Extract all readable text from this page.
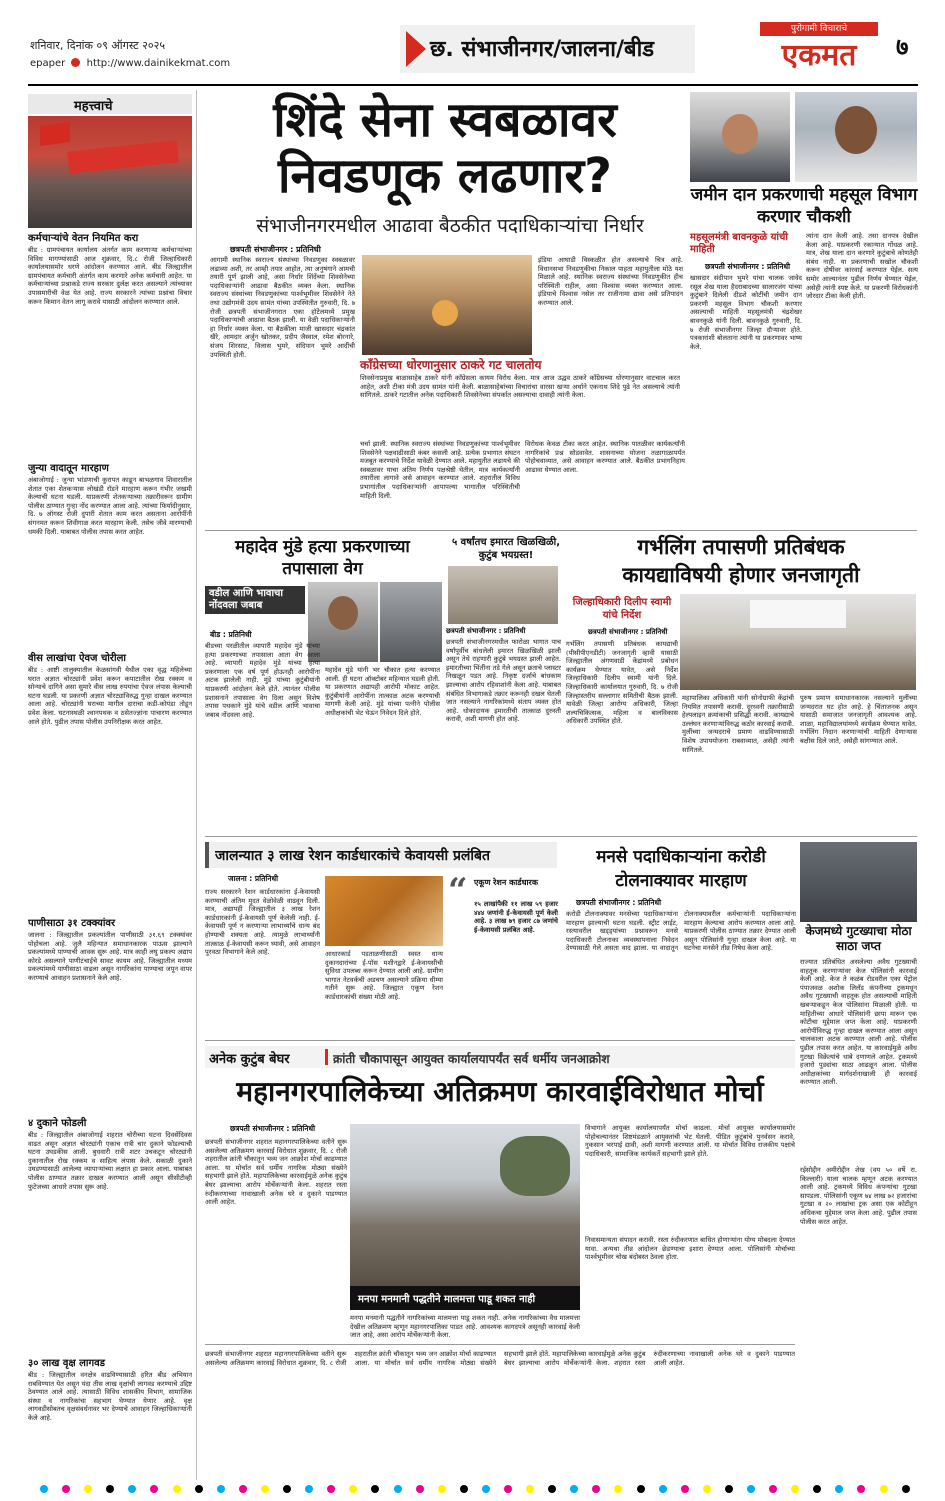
शनिवार, दिनांक ०९ ऑगस्ट २०२५
epaper http://www.dainikekmat.com
छ. संभाजीनगर/जालना/बीड
पुरोगामी विचाराचे
एकमत	७
महत्त्वाचे
कर्मचाऱ्यांचे वेतन नियमित करा
बीड : ग्रामपंचायत कार्यालय अंतर्गत काम करणाऱ्या कर्मचाऱ्यांच्या विविध मागण्यांसाठी आज शुक्रवार, दि.८ रोजी जिल्हाधिकारी कार्यालयासमोर धरणे आंदोलन करण्यात आले. बीड जिल्ह्यातील ग्रामपंचायत कर्मचारी अंतर्गत काम करणारे अनेक कर्मचारी आहेत. या कर्मचाऱ्यांच्या प्रश्नाकडे राज्य सरकार दुर्लक्ष करत असल्याने त्यांच्यावर उपासमारीची वेळ येत आहे. राज्य सरकारने त्यांच्या प्रश्नांचा विचार करून किमान वेतन लागू करावे यासाठी आंदोलन करण्यात आले.
जुन्या वादातून मारहाण
अंबाजोगाई : जुन्या भांडणाची कुरापत काढून बाभळगाव शिवारातील शेतात एका शेतकऱ्यास लोखंडी रॉडने मारहाण करून गंभीर जखमी केल्याची घटना घडली. याप्रकरणी शेतकऱ्याच्या तक्रारीवरून ग्रामीण पोलीस ठाण्यात गुन्हा नोंद करण्यात आला आहे. त्यांच्या फिर्यादीनुसार, दि. ७ ऑगस्ट रोजी दुपारी शेतात काम करत असताना आरोपींनी संगनमत करून शिवीगाळ करत मारहाण केली. तसेच जीवे मारण्याची धमकी दिली. याबाबत पोलीस तपास करत आहेत.
वीस लाखांचा ऐवज चोरीला
बीड : आष्टी तालुक्यातील केळसांगवी येथील एका वृद्ध महिलेच्या घरात अज्ञात चोरट्यांनी प्रवेश करून कपाटातील रोख रक्कम व सोन्याचे दागिने असा सुमारे वीस लाख रुपयांचा ऐवज लंपास केल्याची घटना घडली. या प्रकरणी अज्ञात चोरट्यांविरुद्ध गुन्हा दाखल करण्यात आला आहे. चोरट्यांनी घराच्या मागील दाराचा कडी-कोयंडा तोडून प्रवेश केला. घटनास्थळी श्वानपथक व ठसेतज्ज्ञांना पाचारण करण्यात आले होते. पुढील तपास पोलीस उपनिरीक्षक करत आहेत.
पाणीसाठा ३१ टक्क्यांवर
जालना : जिल्ह्यातील प्रकल्पांतील पाणीसाठी ३१.६९ टक्क्यांवर पोहोचला आहे. जुलै महिन्यात समाधानकारक पाऊस झाल्याने प्रकल्पांमध्ये पाण्याची आवक सुरू आहे. मात्र काही लघु प्रकल्प अद्याप कोरडे असल्याने पाणीटंचाईचे सावट कायम आहे. जिल्ह्यातील मध्यम प्रकल्पांमध्ये पाणीसाठा वाढला असून नागरिकांना पाण्याचा जपून वापर करण्याचे आवाहन प्रशासनाने केले आहे.
४ दुकाने फोडली
बीड : जिल्ह्यातील अंबाजोगाई शहरात चोरीच्या घटना दिवसेंदिवस वाढत असून अज्ञात चोरट्यांनी एकाच रात्री चार दुकाने फोडल्याची घटना उघडकीस आली. बुधवारी रात्री शटर उचकटून चोरट्यांनी दुकानातील रोख रक्कम व साहित्य लंपास केले. सकाळी दुकाने उघडण्यासाठी आलेल्या व्यापाऱ्यांच्या लक्षात हा प्रकार आला. याबाबत पोलीस ठाण्यात तक्रार दाखल करण्यात आली असून सीसीटीव्ही फुटेजच्या आधारे तपास सुरू आहे.
३० लाख वृक्ष लागवड
बीड : जिल्ह्यातील वनक्षेत्र वाढविण्यासाठी हरित बीड अभियान राबविण्यात येत असून यंदा तीस लाख वृक्षांची लागवड करण्याचे उद्दिष्ट ठेवण्यात आले आहे. त्यासाठी विविध शासकीय विभाग, सामाजिक संस्था व नागरिकांचा सहभाग घेण्यात येणार आहे. वृक्ष लागवडीसोबतच वृक्षसंवर्धनावर भर देण्याचे आवाहन जिल्हाधिकाऱ्यांनी केले आहे.
शिंदे सेना स्वबळावर
निवडणूक लढणार?
संभाजीनगरमधील आढावा बैठकीत पदाधिकाऱ्यांचा निर्धार
छत्रपती संभाजीनगर : प्रतिनिधी
आगामी स्थानिक स्वराज्य संस्थांच्या निवडणुका स्वबळावर लढाव्या अशी, तर आम्ही तयार आहोत, त्या अनुषंगाने आमची तयारी पूर्ण झाली आहे, असा निर्धार शिंदेंच्या शिवसेनेच्या पदाधिकाऱ्यांनी आढावा बैठकीत व्यक्त केला. स्थानिक स्वराज्य संस्थांच्या निवडणुकांच्या पार्श्वभूमीवर शिवसेनेने नेते तथा उद्योगमंत्री उदय सामंत यांच्या उपस्थितीत गुरुवारी, दि. ७ रोजी छत्रपती संभाजीनगरात एका हॉटेलमध्ये प्रमुख पदाधिकाऱ्यांची आढावा बैठक झाली. या वेळी पदाधिकाऱ्यांनी हा निर्धार व्यक्त केला. या बैठकीला माजी खासदार चंद्रकांत खैरे, आमदार अर्जुन खोतकर, प्रदीप जैस्वाल, रमेश बोरनारे, संजय शिरसाट, विलास भुमरे, संदिपान भुमरे आदींची उपस्थिती होती.
काँग्रेसच्या धोरणानुसार ठाकरे गट चालतोय
शिवसेनाप्रमुख बाळासाहेब ठाकरे यांनी काँग्रेसला कायम विरोध केला. मात्र आज उद्धव ठाकरे काँग्रेसच्या धोरणानुसार वाटचाल करत आहेत, अशी टीका मंत्री उदय सामंत यांनी केली. बाळासाहेबांच्या विचारांचा वारसा खऱ्या अर्थाने एकनाथ शिंदे पुढे नेत असल्याचे त्यांनी सांगितले. ठाकरे गटातील अनेक पदाधिकारी शिवसेनेच्या संपर्कात असल्याचा दावाही त्यांनी केला.
चर्चा झाली. स्थानिक स्वराज्य संस्थांच्या निवडणुकांच्या पार्श्वभूमीवर शिवसेनेने पक्षवाढीसाठी कंबर कसली आहे. प्रत्येक प्रभागात संघटन मजबूत करण्याचे निर्देश यावेळी देण्यात आले. महायुतीत लढायचे की स्वबळावर याचा अंतिम निर्णय पक्षश्रेष्ठी घेतील, मात्र कार्यकर्त्यांनी तयारीला लागावे असे आवाहन करण्यात आले. शहरातील विविध प्रभागांतील पदाधिकाऱ्यांनी आपापल्या भागातील परिस्थितीची माहिती दिली.
विरोधक केवळ टीका करत आहेत. स्थानिक पातळीवर कार्यकर्त्यांनी नागरिकांचे प्रश्न सोडवावेत. शासनाच्या योजना तळागाळापर्यंत पोहोचवाव्यात, असे आवाहन करण्यात आले. बैठकीत प्रभागनिहाय आढावा घेण्यात आला.
इंडिया आघाडी विस्कळीत होत असल्याचे चित्र आहे. विधानसभा निवडणुकीचा निकाल पाहता महायुतीला मोठे यश मिळाले आहे. स्थानिक स्वराज्य संस्थांच्या निवडणुकीत हीच परिस्थिती राहील, असा विश्वास व्यक्त करण्यात आला. इंडियाचे विश्वास नसेल तर राजीनामा द्यावा असे प्रतिपादन करण्यात आले.
जमीन दान प्रकरणाची महसूल विभाग करणार चौकशी
महसूलमंत्री बावनकुळे यांची माहिती
छत्रपती संभाजीनगर : प्रतिनिधी
खासदार संदीपान भुमरे यांचा चालक जावेद रसूल शेख याला हैदराबादच्या सालारजंग यांच्या कुटुंबाने दिलेली दीडशे कोटींची जमीन दान प्रकरणी महसूल विभाग चौकशी करणार असल्याची माहिती महसूलमंत्री चंद्रशेखर बावनकुळे यांनी दिली. बावनकुळे गुरुवारी, दि. ७ रोजी संभाजीनगर जिल्हा दौऱ्यावर होते. पत्रकारांशी बोलताना त्यांनी या प्रकरणावर भाष्य केले.
त्यांना दान केली आहे. तसा दानपत्र देखील केला आहे. याप्रकरणी रकान्यात गोंधळ आहे. मात्र, शेख याला दान करणारे कुटुंबाचे कोणतेही संबंध नाही. या प्रकरणाची सखोल चौकशी करून दोषींवर कारवाई करण्यात येईल. सत्य समोर आल्यानंतर पुढील निर्णय घेण्यात येईल, असेही त्यांनी स्पष्ट केले. या प्रकरणी विरोधकांनी जोरदार टीका केली होती.
महादेव मुंडे हत्या प्रकरणाच्या तपासाला वेग
वडील आणि भावाचा नोंदवला जबाब
बीड : प्रतिनिधी
बीडच्या परळीतील व्यापारी महादेव मुंडे यांच्या हत्या प्रकरणाच्या तपासाला आता वेग आला आहे. व्यापारी महादेव मुंडे यांच्या हत्या प्रकरणाला एक वर्ष पूर्ण होऊनही आरोपींना अटक झालेली नाही. मुंडे यांच्या कुटुंबीयांनी याप्रकरणी आंदोलन केले होते. त्यानंतर पोलीस प्रशासनाने तपासाला वेग दिला असून विशेष तपास पथकाने मुंडे यांचे वडील आणि भावाचा जबाब नोंदवला आहे.
महादेव मुंडे यांनी भर चौकात हत्या करण्यात आली. ही घटना ऑक्टोबर महिन्यात घडली होती. या प्रकरणात अद्यापही आरोपी मोकाट आहेत. कुटुंबीयांनी आरोपींना तात्काळ अटक करण्याची मागणी केली आहे. मुंडे यांच्या पत्नीने पोलीस अधीक्षकांची भेट घेऊन निवेदन दिले होते.
५ वर्षांतच इमारत खिळखिळी, कुटुंब भयग्रस्त!
छत्रपती संभाजीनगर : प्रतिनिधी
छत्रपती संभाजीनगरमधील फारोळा भागात पाच वर्षांपूर्वीच बांधलेली इमारत खिळखिळी झाली असून तेथे राहणारी कुटुंबे भयग्रस्त झाली आहेत. इमारतीच्या भिंतींना तडे गेले असून छताचे प्लास्टर निखळून पडत आहे. निकृष्ट दर्जाचे बांधकाम झाल्याचा आरोप रहिवाशांनी केला आहे. याबाबत संबंधित विभागाकडे तक्रार करूनही दखल घेतली जात नसल्याने नागरिकांमध्ये संताप व्यक्त होत आहे. धोकादायक इमारतीची तात्काळ दुरुस्ती करावी, अशी मागणी होत आहे.
गर्भलिंग तपासणी प्रतिबंधक
कायद्याविषयी होणार जनजागृती
जिल्हाधिकारी दिलीप स्वामी यांचे निर्देश
छत्रपती संभाजीनगर : प्रतिनिधी
गर्भलिंग तपासणी प्रतिबंधक कायद्याची (पीसीपीएनडीटी) जनजागृती व्हावी यासाठी जिल्ह्यातील अंगणवाडी केंद्रांमध्ये प्रबोधन कार्यक्रम घेण्यात यावेत, असे निर्देश जिल्हाधिकारी दिलीप स्वामी यांनी दिले. जिल्हाधिकारी कार्यालयात गुरुवारी, दि. ७ रोजी जिल्हास्तरीय सल्लागार समितीची बैठक झाली. यावेळी जिल्हा आरोग्य अधिकारी, जिल्हा शल्यचिकित्सक, महिला व बालविकास अधिकारी उपस्थित होते.
महापालिका अधिकारी यांनी सोनोग्राफी केंद्रांची नियमित तपासणी करावी. दूरध्वनी तक्रारीसाठी हेल्पलाइन क्रमांकाची प्रसिद्धी करावी. कायद्याचे उल्लंघन करणाऱ्यांविरुद्ध कठोर कारवाई करावी. मुलींच्या जन्मदराचे प्रमाण वाढविण्यासाठी विशेष उपाययोजना राबवाव्यात, असेही त्यांनी सांगितले.
पुरुष प्रमाण समाधानकारक नसल्याने मुलींच्या जन्मदरात घट होत आहे. हे चिंताजनक असून यासाठी समाजात जनजागृती आवश्यक आहे. शाळा, महाविद्यालयांमध्ये कार्यक्रम घेण्यात यावेत. गर्भलिंग निदान करणाऱ्यांची माहिती देणाऱ्यास बक्षीस दिले जाते, असेही सांगण्यात आले.
जालन्यात ३ लाख रेशन कार्डधारकांचे केवायसी प्रलंबित
जालना : प्रतिनिधी
राज्य सरकारने रेशन कार्डधारकांना ई-केवायसी करण्याची अंतिम मुदत वेळोवेळी वाढवून दिली. मात्र, अद्यापही जिल्ह्यातील ३ लाख रेशन कार्डधारकांनी ई-केवायसी पूर्ण केलेली नाही. ई-केवायसी पूर्ण न करणाऱ्या लाभार्थ्यांचे धान्य बंद होण्याची शक्यता आहे. त्यामुळे लाभार्थ्यांनी तात्काळ ई-केवायसी करून घ्यावी, असे आवाहन पुरवठा विभागाने केले आहे.	आधारकार्ड पडताळणीसाठी स्वस्त धान्य दुकानदारांच्या ई-पॉस मशीनद्वारे ई-केवायसीची सुविधा उपलब्ध करून देण्यात आली आहे. ग्रामीण भागात नेटवर्कची अडचण असल्याने प्रक्रिया धीम्या गतीने सुरू आहे. जिल्ह्यात एकूण रेशन कार्डधारकांची संख्या मोठी आहे.
“ एकूण रेशन कार्डधारक
१५ लाखांपैकी ११ लाख ५९ हजार ४४४ जणांनी ई-केवायसी पूर्ण केली आहे. ३ लाख ७९ हजार ८७ जणांचे ई-केवायसी प्रलंबित आहे.
मनसे पदाधिकाऱ्यांना करोडी
टोलनाक्यावर मारहाण
छत्रपती संभाजीनगर : प्रतिनिधी
करोडी टोलनाक्यावर मनसेच्या पदाधिकाऱ्यांना मारहाण झाल्याची घटना घडली. स्ट्रीट लाईट, रस्त्यावरील खड्ड्यांच्या प्रश्नावरून मनसे पदाधिकारी टोलनाका व्यवस्थापनाला निवेदन देण्यासाठी गेले असता वाद झाला. या वादातून टोलनाक्यावरील कर्मचाऱ्यांनी पदाधिकाऱ्यांना मारहाण केल्याचा आरोप करण्यात आला आहे. याप्रकरणी पोलीस ठाण्यात तक्रार देण्यात आली असून पोलिसांनी गुन्हा दाखल केला आहे. या घटनेचा मनसेने तीव्र निषेध केला आहे.
केजमध्ये गुटख्याचा मोठा साठा जप्त
राज्यात प्रतिबंधित असलेल्या अवैध गुटख्याची वाहतूक करणाऱ्यांवर केज पोलिसांनी कारवाई केली आहे. केज ते कळंब रोडवरील एका पेट्रोल पंपाजवळ अशोक लिलँड कंपनीच्या ट्रकमधून अवैध गुटख्याची वाहतूक होत असल्याची माहिती खबऱ्याकडून केज पोलिसांना मिळाली होती. या माहितीच्या आधारे पोलिसांनी छापा मारून एक कोटीचा मुद्देमाल जप्त केला आहे. याप्रकरणी आरोपींविरुद्ध गुन्हा दाखल करण्यात आला असून चालकाला अटक करण्यात आली आहे. पोलीस पुढील तपास करत आहेत. या कारवाईमुळे अवैध गुटखा विक्रेत्यांचे धाबे दणाणले आहेत. ट्रकमध्ये हजारो पुड्यांचा साठा आढळून आला. पोलीस अधीक्षकांच्या मार्गदर्शनाखाली ही कारवाई करण्यात आली.
अनेक कुटुंब बेघर	क्रांती चौकापासून आयुक्त कार्यालयापर्यंत सर्व धर्मीय जनआक्रोश
महानगरपालिकेच्या अतिक्रमण कारवाईविरोधात मोर्चा
छत्रपती संभाजीनगर : प्रतिनिधी
छत्रपती संभाजीनगर शहरात महानगरपालिकेच्या वतीने सुरू असलेल्या अतिक्रमण कारवाई विरोधात शुक्रवार, दि. ८ रोजी शहरातील क्रांती चौकातून भव्य जन आक्रोश मोर्चा काढण्यात आला. या मोर्चात सर्व धर्मीय नागरिक मोठ्या संख्येने सहभागी झाले होते. महापालिकेच्या कारवाईमुळे अनेक कुटुंब बेघर झाल्याचा आरोप मोर्चेकऱ्यांनी केला. शहरात रस्ता रुंदीकरणाच्या नावाखाली अनेक घरे व दुकाने पाडण्यात आली आहेत.
मनपा मनमानी पद्धतीने मालमत्ता पाडू शकत नाही
मनपा मनमानी पद्धतीने नागरिकांच्या मालमत्ता पाडू शकत नाही. अनेक नागरिकांच्या वैध मालमत्ता देखील अतिक्रमण म्हणून महानगरपालिका पाडत आहे. आवश्यक कागदपत्रे असूनही कारवाई केली जात आहे, असा आरोप मोर्चेकऱ्यांनी केला.
विभागाने आयुक्त कार्यालयापर्यंत मोर्चा काढला. मोर्चा आयुक्त कार्यालयासमोर पोहोचल्यानंतर शिष्टमंडळाने आयुक्तांची भेट घेतली. पीडित कुटुंबांचे पुनर्वसन करावे, नुकसान भरपाई द्यावी, अशी मागणी करण्यात आली. या मोर्चात विविध राजकीय पक्षांचे पदाधिकारी, सामाजिक कार्यकर्ते सहभागी झाले होते.
निवासमान्यता संपादन करावी. रस्ता रुंदीकरणात बाधित होणाऱ्यांना योग्य मोबदला देण्यात यावा. अन्यथा तीव्र आंदोलन छेडण्याचा इशारा देण्यात आला. पोलिसांनी मोर्चाच्या पार्श्वभूमीवर चोख बंदोबस्त ठेवला होता.
रईसोद्दीन अमीरोद्दीन शेख (वय ५० वर्षे रा. किल्लारी) याला चालक म्हणून अटक करण्यात आली आहे. ट्रकमध्ये विविध कंपन्यांचा गुटखा सापडला. पोलिसांनी एकूण ७४ लाख ७२ हजारांचा गुटखा व २० लाखांचा ट्रक असा एक कोटीहून अधिकचा मुद्देमाल जप्त केला आहे. पुढील तपास पोलीस करत आहेत.
छत्रपती संभाजीनगर शहरात महानगरपालिकेच्या वतीने सुरू असलेल्या अतिक्रमण कारवाई विरोधात शुक्रवार, दि. ८ रोजी शहरातील क्रांती चौकातून भव्य जन आक्रोश मोर्चा काढण्यात आला. या मोर्चात सर्व धर्मीय नागरिक मोठ्या संख्येने सहभागी झाले होते. महापालिकेच्या कारवाईमुळे अनेक कुटुंब बेघर झाल्याचा आरोप मोर्चेकऱ्यांनी केला. शहरात रस्ता रुंदीकरणाच्या नावाखाली अनेक घरे व दुकाने पाडण्यात आली आहेत.
